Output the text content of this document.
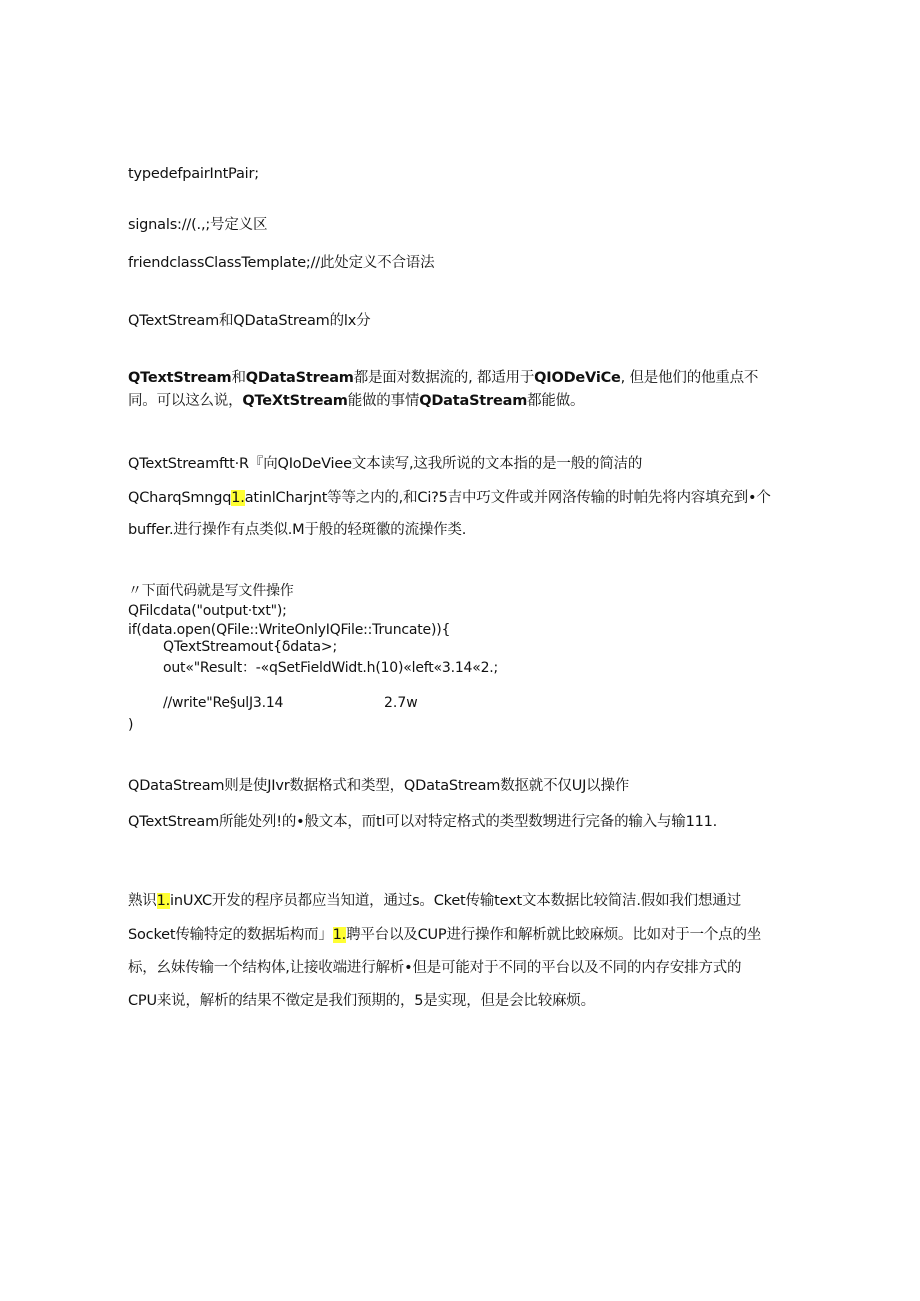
typedefpairIntPair;
signals://(.,;号定义区
friendclassClassTemplate;//此处定义不合语法
QTextStream和QDataStream的lx分
QTextStream和QDataStream都是面对数据流的, 都适用于QIODeViCe, 但是他们的他重点不
同。可以这么说，QTeXtStream能做的事情QDataStream都能做。
QTextStreamftt·R『向QIoDeViee文本读写,这我所说的文本指的是一般的简洁的
QCharqSmngq1.atinlCharjnt等等之内的,和Ci?5吉中巧文件或并网洛传输的时帕先将内容填充到•个
buffer.进行操作有点类似.M于般的轻斑徽的流操作类.
〃下面代码就是写文件操作
QFilcdata("output·txt");
if(data.open(QFile::WriteOnlyIQFile::Truncate)){
QTextStreamout{δdata>;
out«"Result：-«qSetFieldWidt.h(10)«left«3.14«2.;
//write"Re§ulJ3.14	2.7w
)
QDataStream则是使JIvr数据格式和类型，QDataStream数抠就不仅UJ以操作
QTextStream所能处列!的•般文本，而tl可以对特定格式的类型数甥进行完备的输入与输111.
熟识1.inUXC开发的程序员都应当知道，通过s。Cket传输text文本数据比较简洁.假如我们想通过
Socket传输特定的数据垢构而」1.聘平台以及CUP进行操作和解析就比蛟麻烦。比如对于一个点的坐
标，幺妹传输一个结构体,让接收端进行解析•但是可能对于不同的平台以及不同的内存安排方式的
CPU来说，解析的结果不徵定是我们预期的，5是实现，但是会比较麻烦。
